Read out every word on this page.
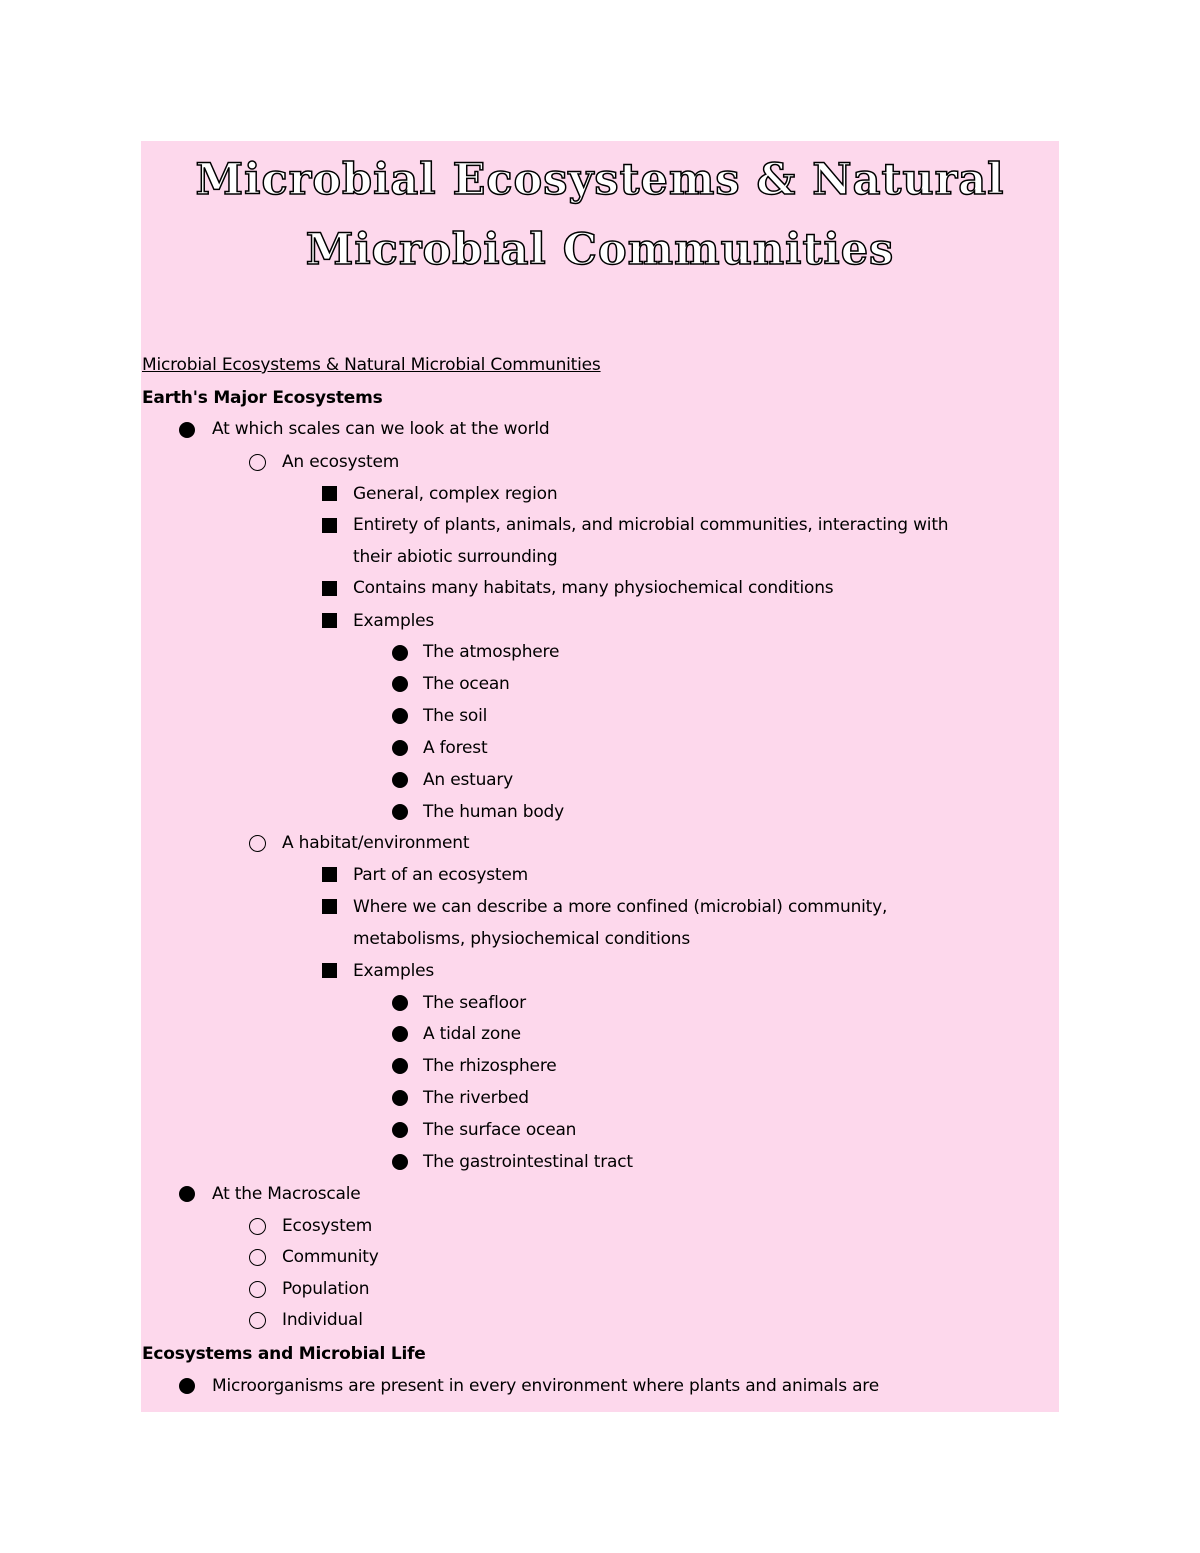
Microbial Ecosystems & Natural
Microbial Communities
Microbial Ecosystems & Natural Microbial Communities
Earth's Major Ecosystems
At which scales can we look at the world
An ecosystem
General, complex region
Entirety of plants, animals, and microbial communities, interacting with
their abiotic surrounding
Contains many habitats, many physiochemical conditions
Examples
The atmosphere
The ocean
The soil
A forest
An estuary
The human body
A habitat/environment
Part of an ecosystem
Where we can describe a more confined (microbial) community,
metabolisms, physiochemical conditions
Examples
The seafloor
A tidal zone
The rhizosphere
The riverbed
The surface ocean
The gastrointestinal tract
At the Macroscale
Ecosystem
Community
Population
Individual
Ecosystems and Microbial Life
Microorganisms are present in every environment where plants and animals are
